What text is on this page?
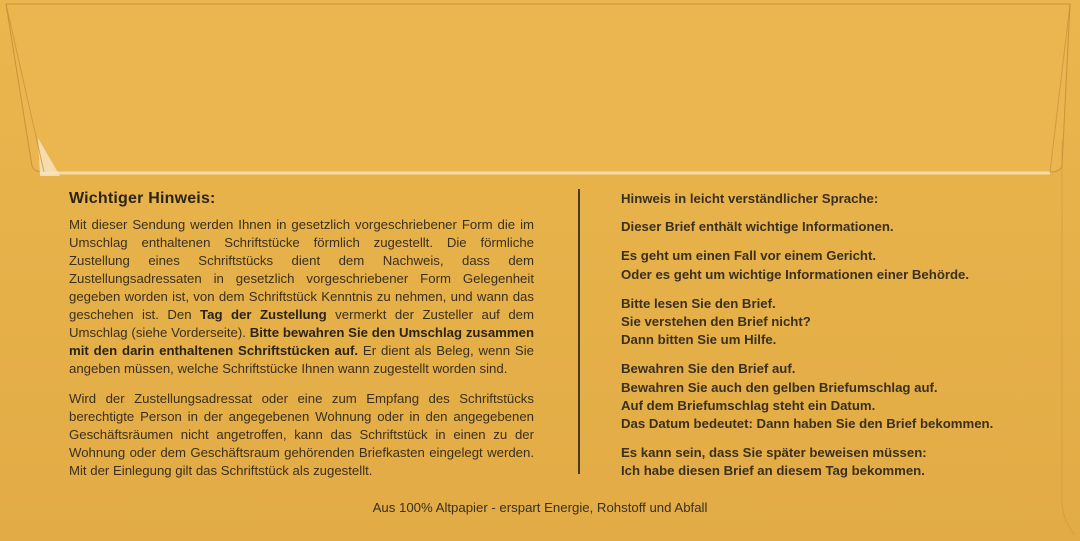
Wichtiger Hinweis:

Mit dieser Sendung werden Ihnen in gesetzlich vorgeschriebener Form die im Umschlag enthaltenen Schriftstücke förmlich zugestellt. Die förmliche Zustellung eines Schriftstücks dient dem Nachweis, dass dem Zustellungsadressaten in gesetzlich vorgeschriebener Form Gelegenheit gegeben worden ist, von dem Schriftstück Kenntnis zu nehmen, und wann das geschehen ist. Den Tag der Zustellung vermerkt der Zusteller auf dem Umschlag (siehe Vorderseite). Bitte bewahren Sie den Umschlag zusammen mit den darin enthaltenen Schriftstücken auf. Er dient als Beleg, wenn Sie angeben müssen, welche Schriftstücke Ihnen wann zugestellt worden sind.

Wird der Zustellungsadressat oder eine zum Empfang des Schriftstücks berechtigte Person in der angegebenen Wohnung oder in den angegebenen Geschäftsräumen nicht angetroffen, kann das Schriftstück in einen zu der Wohnung oder dem Geschäftsraum gehörenden Briefkasten eingelegt werden. Mit der Einlegung gilt das Schriftstück als zugestellt.

Hinweis in leicht verständlicher Sprache:
Dieser Brief enthält wichtige Informationen.
Es geht um einen Fall vor einem Gericht.
Oder es geht um wichtige Informationen einer Behörde.
Bitte lesen Sie den Brief.
Sie verstehen den Brief nicht?
Dann bitten Sie um Hilfe.
Bewahren Sie den Brief auf.
Bewahren Sie auch den gelben Briefumschlag auf.
Auf dem Briefumschlag steht ein Datum.
Das Datum bedeutet: Dann haben Sie den Brief bekommen.
Es kann sein, dass Sie später beweisen müssen:
Ich habe diesen Brief an diesem Tag bekommen.
Aus 100% Altpapier - erspart Energie, Rohstoff und Abfall
